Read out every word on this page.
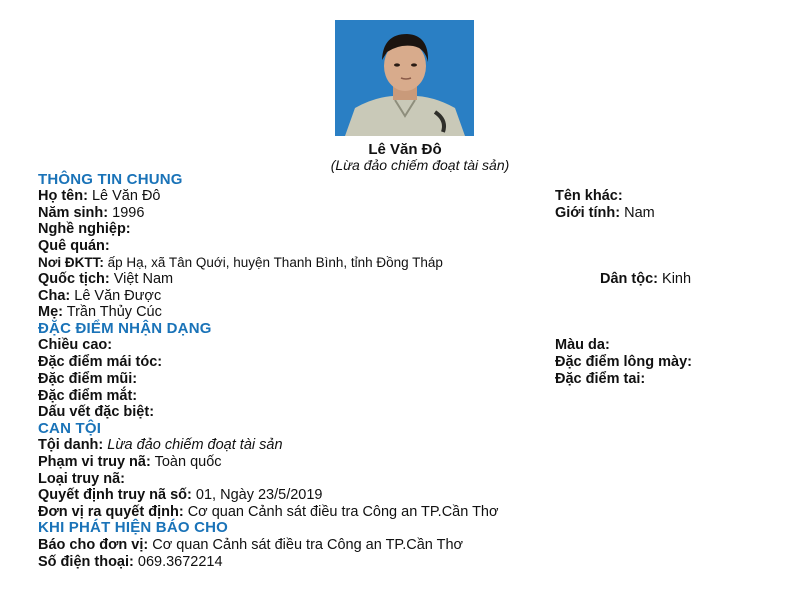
Lê Văn Đô
(Lừa đảo chiếm đoạt tài sản)
THÔNG TIN CHUNG
Họ tên: Lê Văn Đô	Tên khác:
Năm sinh: 1996	Giới tính: Nam
Nghề nghiệp:
Quê quán:
Nơi ĐKTT: ấp Hạ, xã Tân Quới, huyện Thanh Bình, tỉnh Đồng Tháp
Quốc tịch: Việt Nam	Dân tộc: Kinh
Cha: Lê Văn Được
Mẹ: Trần Thủy Cúc
ĐẶC ĐIỂM NHẬN DẠNG
Chiều cao:	Màu da:
Đặc điểm mái tóc:	Đặc điểm lông mày:
Đặc điểm mũi:	Đặc điểm tai:
Đặc điểm mắt:
Dấu vết đặc biệt:
CAN TỘI
Tội danh: Lừa đảo chiếm đoạt tài sản
Phạm vi truy nã: Toàn quốc
Loại truy nã:
Quyết định truy nã số: 01, Ngày 23/5/2019
Đơn vị ra quyết định: Cơ quan Cảnh sát điều tra Công an TP.Cần Thơ
KHI PHÁT HIỆN BÁO CHO
Báo cho đơn vị: Cơ quan Cảnh sát điều tra Công an TP.Cần Thơ
Số điện thoại: 069.3672214
